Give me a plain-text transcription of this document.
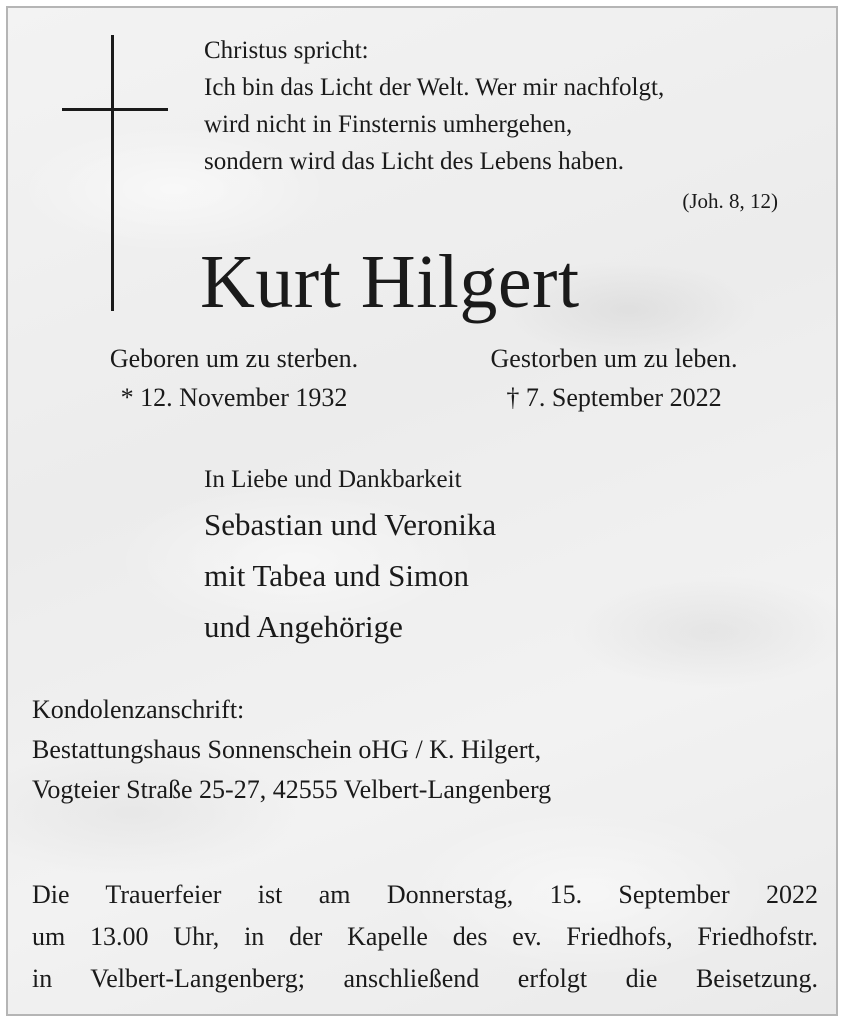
Christus spricht:
Ich bin das Licht der Welt. Wer mir nachfolgt,
wird nicht in Finsternis umhergehen,
sondern wird das Licht des Lebens haben.
(Joh. 8, 12)
Kurt Hilgert
Geboren um zu sterben.
* 12. November 1932
Gestorben um zu leben.
† 7. September 2022
In Liebe und Dankbarkeit
Sebastian und Veronika
mit Tabea und Simon
und Angehörige
Kondolenzanschrift:
Bestattungshaus Sonnenschein oHG / K. Hilgert,
Vogteier Straße 25-27, 42555 Velbert-Langenberg
Die Trauerfeier ist am Donnerstag, 15. September 2022
um 13.00 Uhr, in der Kapelle des ev. Friedhofs, Friedhofstr.
in Velbert-Langenberg; anschließend erfolgt die Beisetzung.
